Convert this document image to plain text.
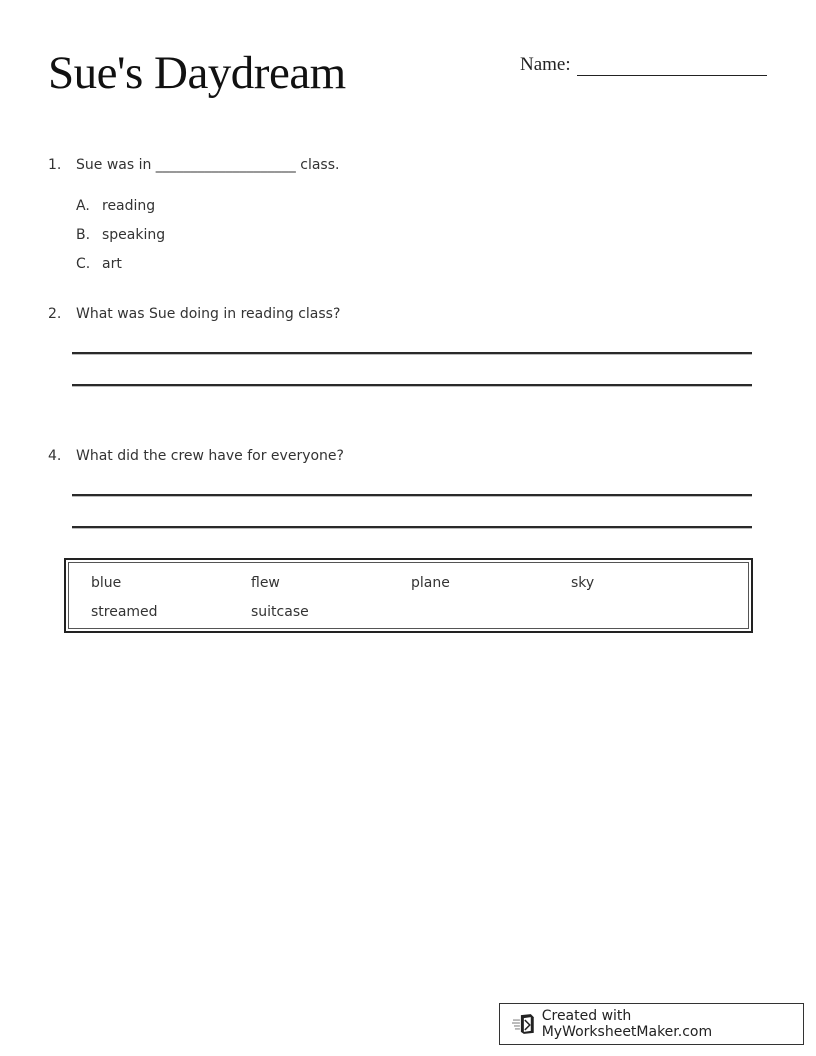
Sue's Daydream	Name:
1.	Sue was in ____________________ class.
A. reading
B. speaking
C. art
2.	What was Sue doing in reading class?
4.	What did the crew have for everyone?
blue	flew	plane	sky
streamed	suitcase
Created with MyWorksheetMaker.com
